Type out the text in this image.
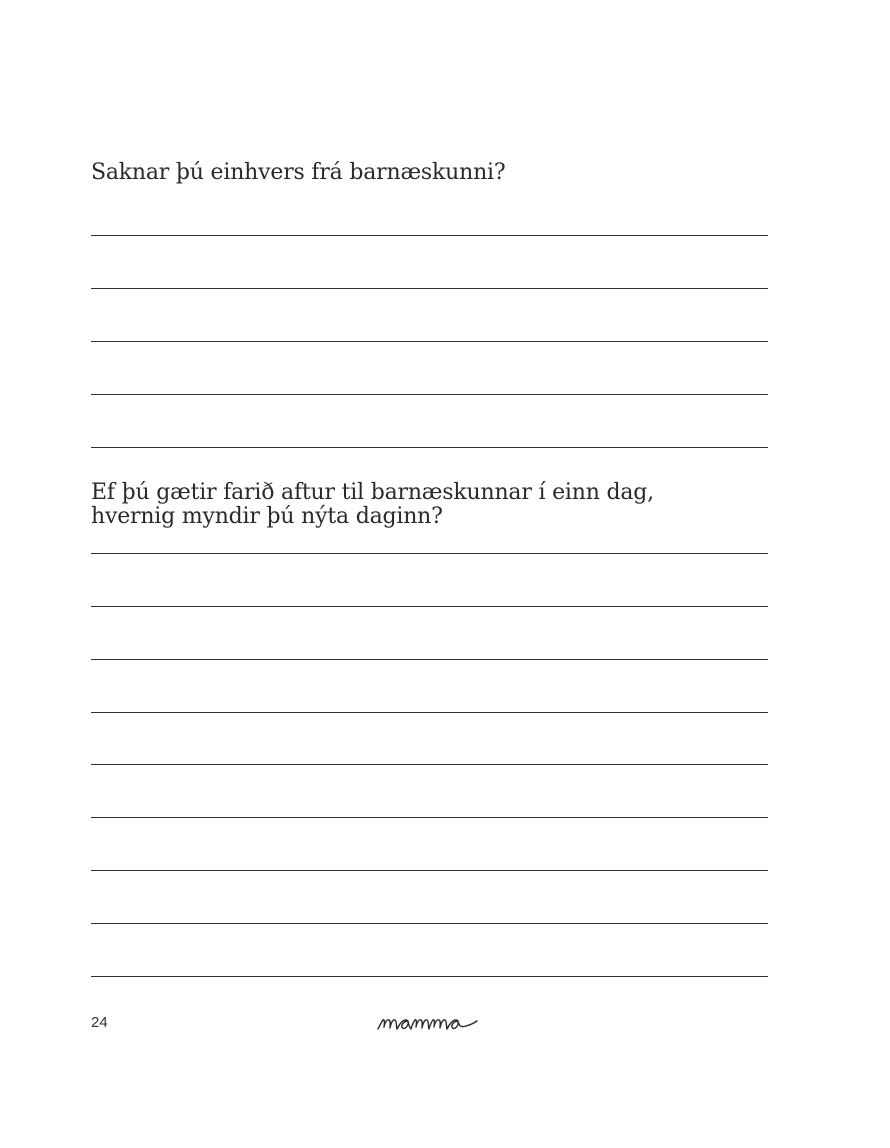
Saknar þú einhvers frá barnæskunni?
Ef þú gætir farið aftur til barnæskunnar í einn dag, hvernig myndir þú nýta daginn?
24
